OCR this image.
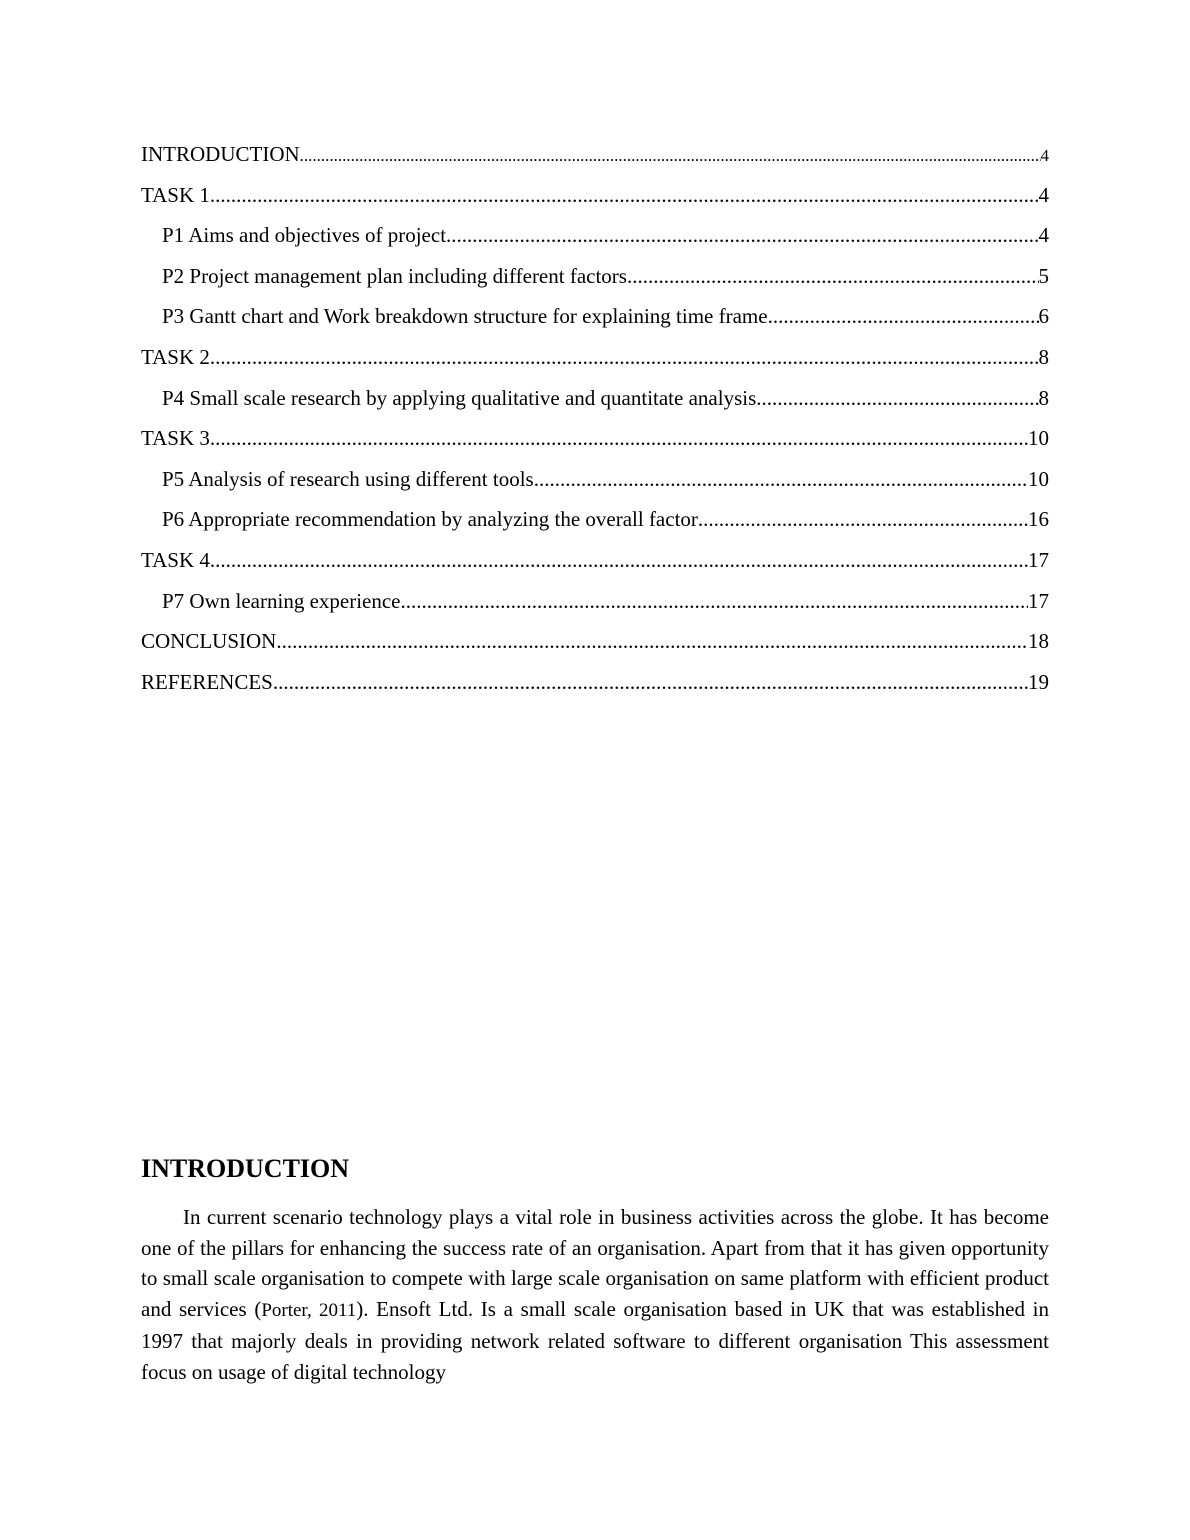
INTRODUCTION .....	4
TASK 1 .....	4
P1 Aims and objectives of project .....	4
P2 Project management plan including different factors .....	5
P3 Gantt chart and Work breakdown structure for explaining time frame .....	6
TASK 2 .....	8
P4 Small scale research by applying qualitative and quantitate analysis .....	8
TASK 3 .....	10
P5 Analysis of research using different tools .....	10
P6 Appropriate recommendation by analyzing the overall factor .....	16
TASK 4 .....	17
P7 Own learning experience .....	17
CONCLUSION .....	18
REFERENCES .....	19
INTRODUCTION

In current scenario technology plays a vital role in business activities across the globe. It has become one of the pillars for enhancing the success rate of an organisation. Apart from that it has given opportunity to small scale organisation to compete with large scale organisation on same platform with efficient product and services (Porter, 2011). Ensoft Ltd. Is a small scale organisation based in UK that was established in 1997 that majorly deals in providing network related software to different organisation This assessment focus on usage of digital technology
